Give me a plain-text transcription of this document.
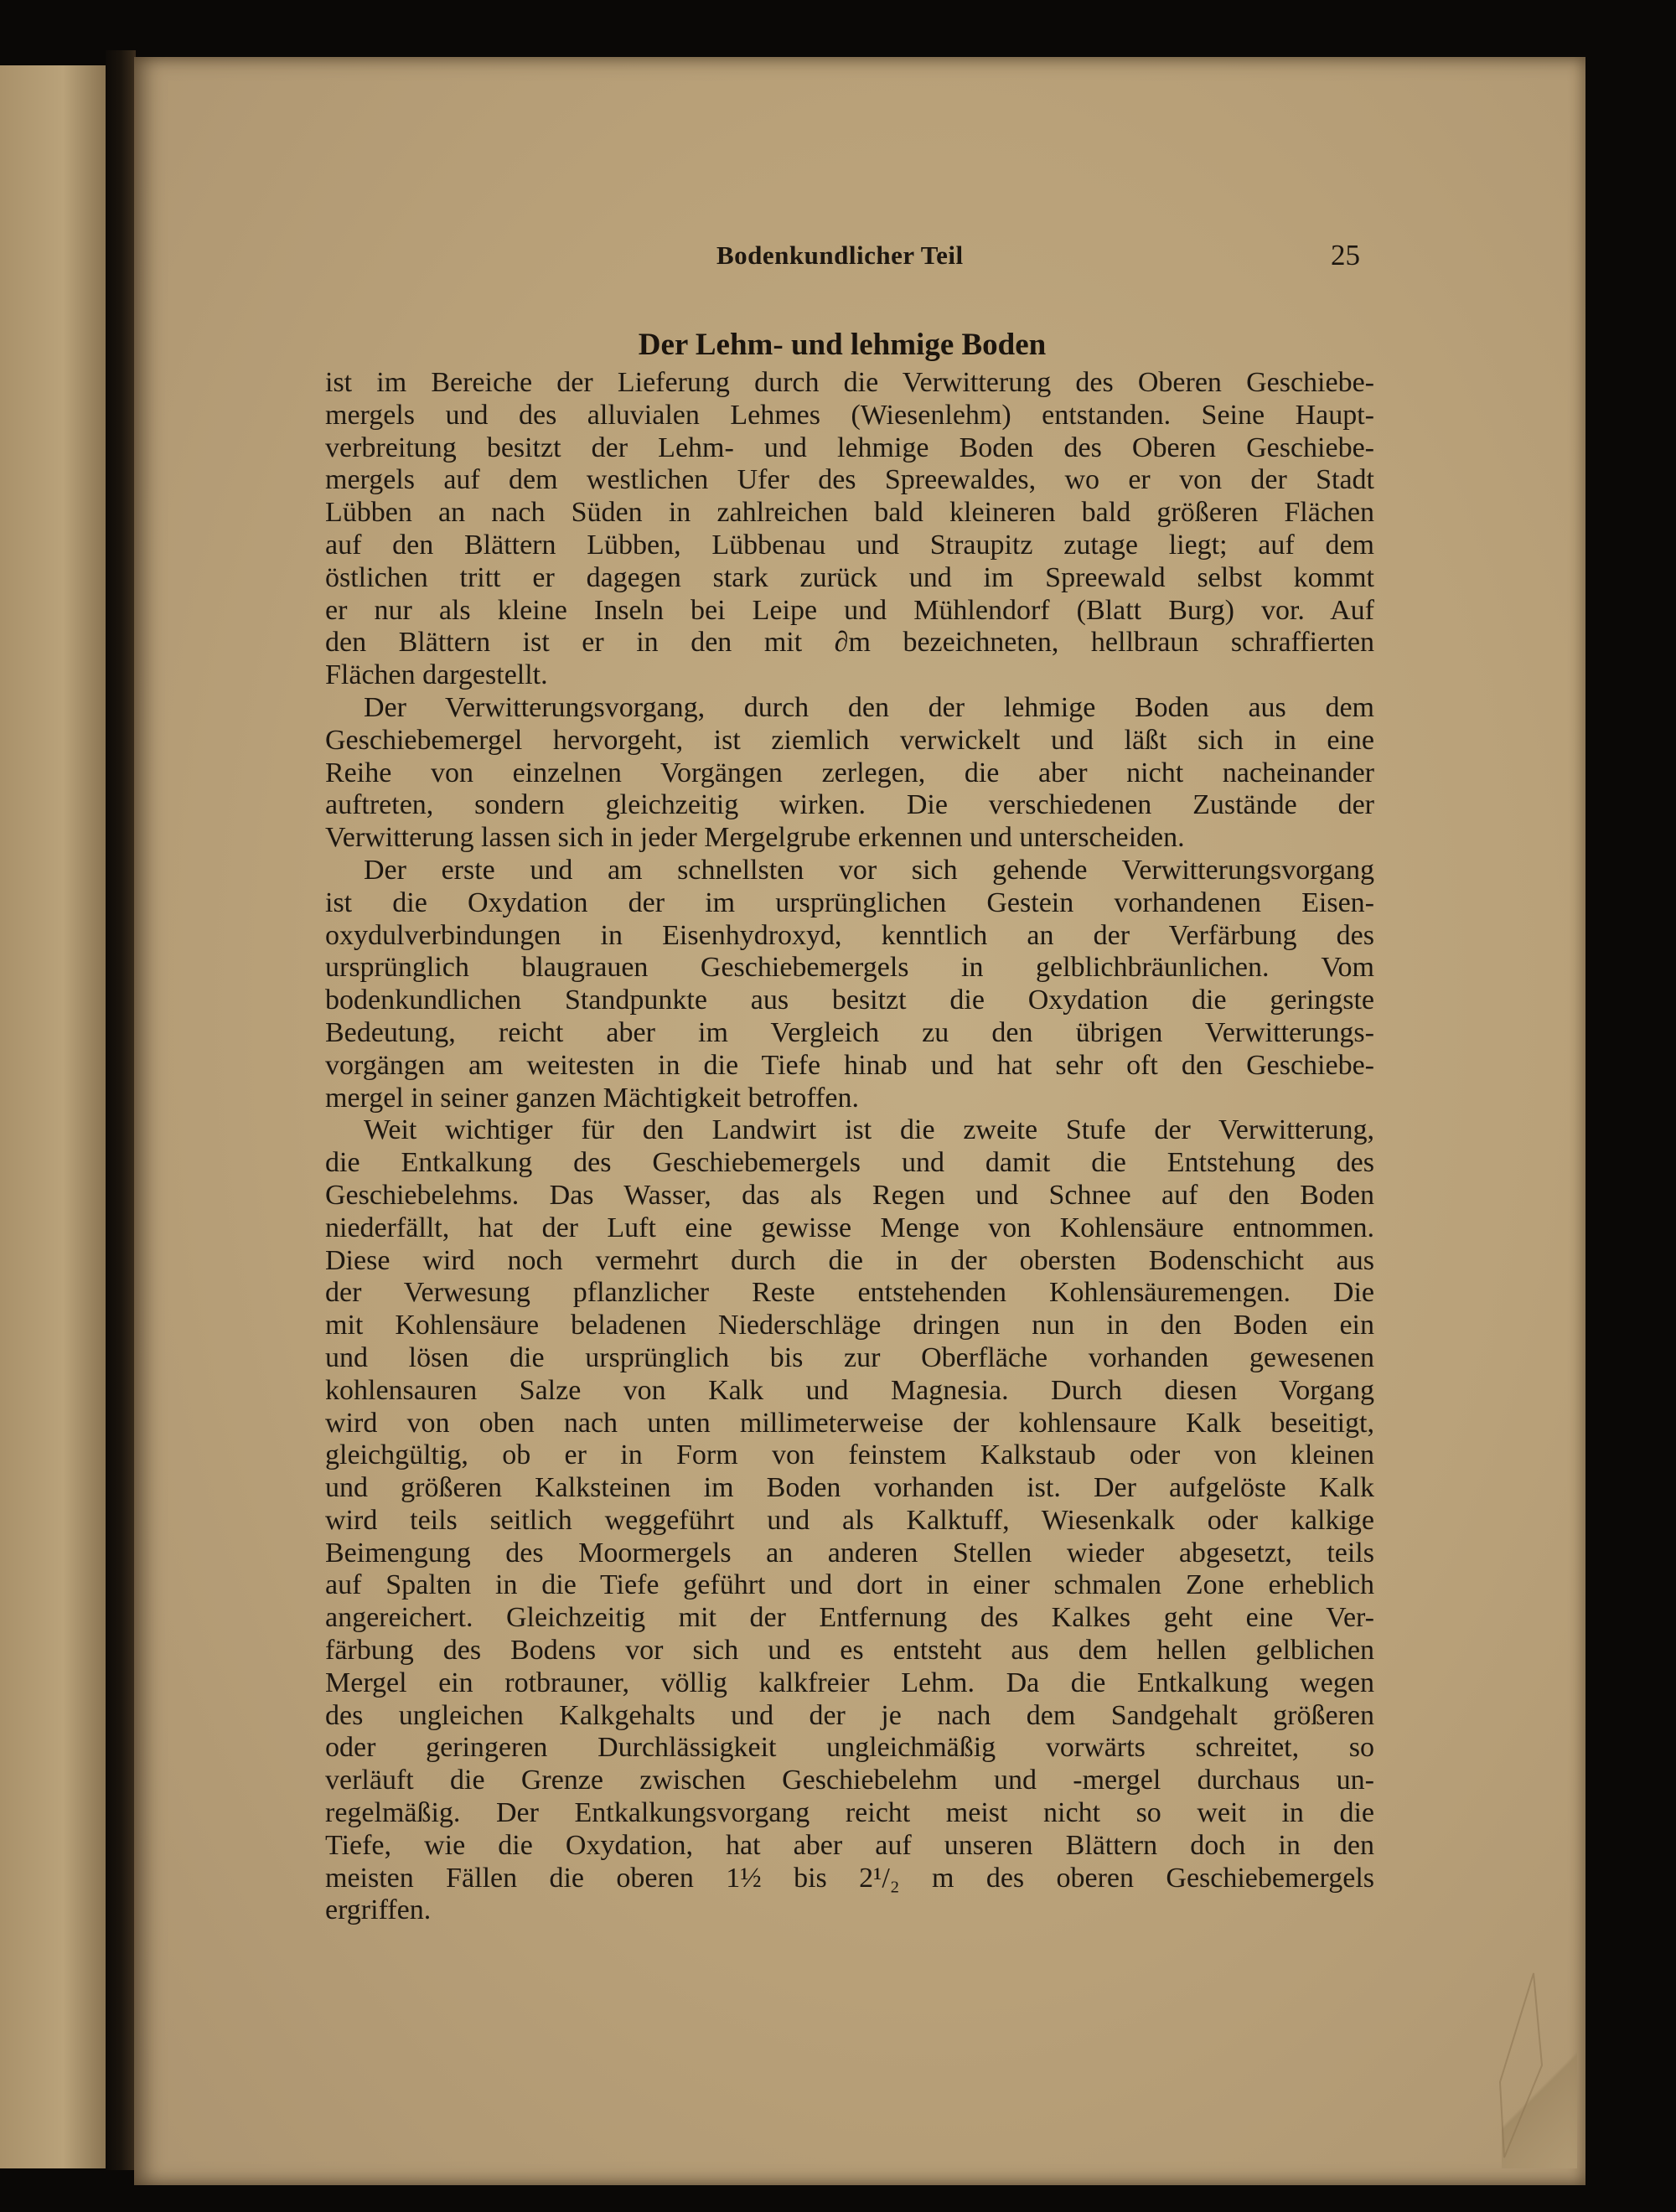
Bodenkundlicher Teil	25
Der Lehm- und lehmige Boden
ist im Bereiche der Lieferung durch die Verwitterung des Oberen Geschiebe-
mergels und des alluvialen Lehmes (Wiesenlehm) entstanden. Seine Haupt-
verbreitung besitzt der Lehm- und lehmige Boden des Oberen Geschiebe-
mergels auf dem westlichen Ufer des Spreewaldes, wo er von der Stadt
Lübben an nach Süden in zahlreichen bald kleineren bald größeren Flächen
auf den Blättern Lübben, Lübbenau und Straupitz zutage liegt; auf dem
östlichen tritt er dagegen stark zurück und im Spreewald selbst kommt
er nur als kleine Inseln bei Leipe und Mühlendorf (Blatt Burg) vor. Auf
den Blättern ist er in den mit ∂m bezeichneten, hellbraun schraffierten
Flächen dargestellt.
Der Verwitterungsvorgang, durch den der lehmige Boden aus dem
Geschiebemergel hervorgeht, ist ziemlich verwickelt und läßt sich in eine
Reihe von einzelnen Vorgängen zerlegen, die aber nicht nacheinander
auftreten, sondern gleichzeitig wirken. Die verschiedenen Zustände der
Verwitterung lassen sich in jeder Mergelgrube erkennen und unterscheiden.
Der erste und am schnellsten vor sich gehende Verwitterungsvorgang
ist die Oxydation der im ursprünglichen Gestein vorhandenen Eisen-
oxydulverbindungen in Eisenhydroxyd, kenntlich an der Verfärbung des
ursprünglich blaugrauen Geschiebemergels in gelblichbräunlichen. Vom
bodenkundlichen Standpunkte aus besitzt die Oxydation die geringste
Bedeutung, reicht aber im Vergleich zu den übrigen Verwitterungs-
vorgängen am weitesten in die Tiefe hinab und hat sehr oft den Geschiebe-
mergel in seiner ganzen Mächtigkeit betroffen.
Weit wichtiger für den Landwirt ist die zweite Stufe der Verwitterung,
die Entkalkung des Geschiebemergels und damit die Entstehung des
Geschiebelehms. Das Wasser, das als Regen und Schnee auf den Boden
niederfällt, hat der Luft eine gewisse Menge von Kohlensäure entnommen.
Diese wird noch vermehrt durch die in der obersten Bodenschicht aus
der Verwesung pflanzlicher Reste entstehenden Kohlensäuremengen. Die
mit Kohlensäure beladenen Niederschläge dringen nun in den Boden ein
und lösen die ursprünglich bis zur Oberfläche vorhanden gewesenen
kohlensauren Salze von Kalk und Magnesia. Durch diesen Vorgang
wird von oben nach unten millimeterweise der kohlensaure Kalk beseitigt,
gleichgültig, ob er in Form von feinstem Kalkstaub oder von kleinen
und größeren Kalksteinen im Boden vorhanden ist. Der aufgelöste Kalk
wird teils seitlich weggeführt und als Kalktuff, Wiesenkalk oder kalkige
Beimengung des Moormergels an anderen Stellen wieder abgesetzt, teils
auf Spalten in die Tiefe geführt und dort in einer schmalen Zone erheblich
angereichert. Gleichzeitig mit der Entfernung des Kalkes geht eine Ver-
färbung des Bodens vor sich und es entsteht aus dem hellen gelblichen
Mergel ein rotbrauner, völlig kalkfreier Lehm. Da die Entkalkung wegen
des ungleichen Kalkgehalts und der je nach dem Sandgehalt größeren
oder geringeren Durchlässigkeit ungleichmäßig vorwärts schreitet, so
verläuft die Grenze zwischen Geschiebelehm und -mergel durchaus un-
regelmäßig. Der Entkalkungsvorgang reicht meist nicht so weit in die
Tiefe, wie die Oxydation, hat aber auf unseren Blättern doch in den
meisten Fällen die oberen 1½ bis 2¹/₂ m des oberen Geschiebemergels
ergriffen.
